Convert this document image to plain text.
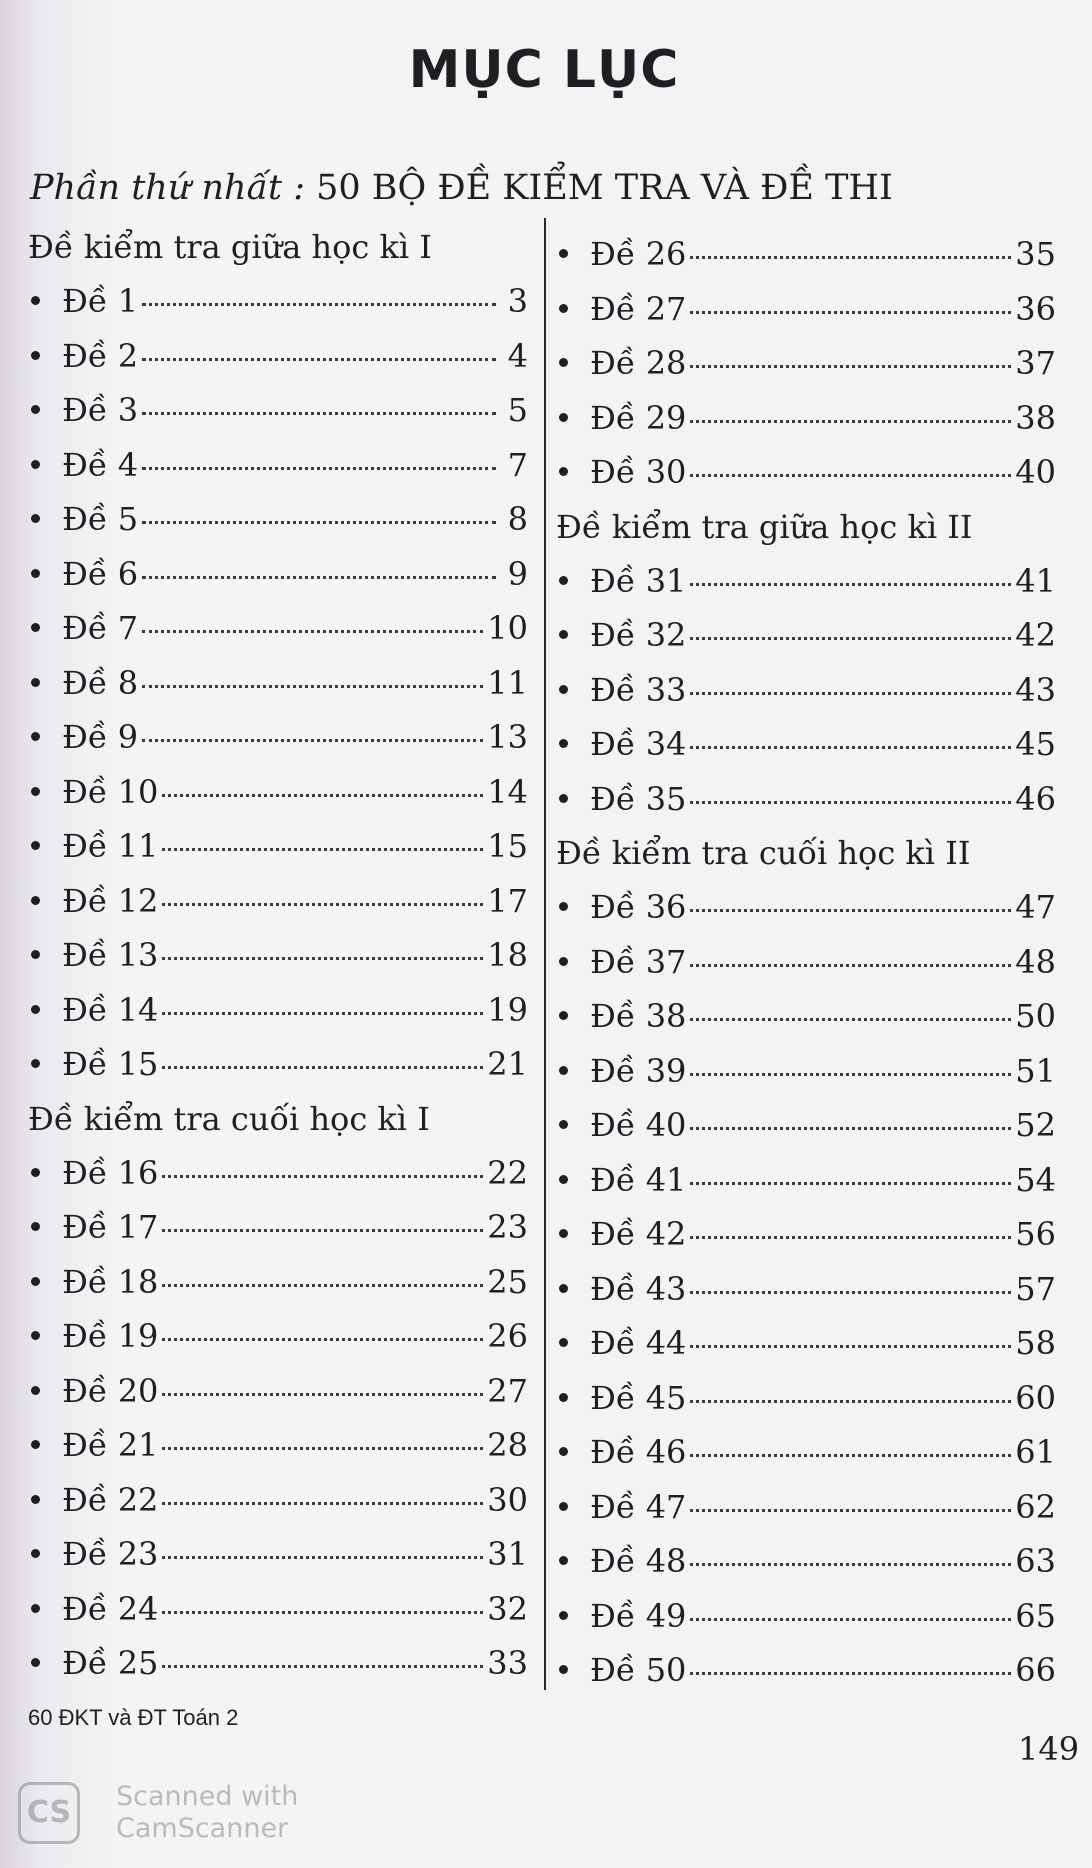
MỤC LỤC
Phần thứ nhất : 50 BỘ ĐỀ KIỂM TRA VÀ ĐỀ THI
Đề kiểm tra giữa học kì I
Đề 1	3
Đề 2	4
Đề 3	5
Đề 4	7
Đề 5	8
Đề 6	9
Đề 7	10
Đề 8	11
Đề 9	13
Đề 10	14
Đề 11	15
Đề 12	17
Đề 13	18
Đề 14	19
Đề 15	21
Đề kiểm tra cuối học kì I
Đề 16	22
Đề 17	23
Đề 18	25
Đề 19	26
Đề 20	27
Đề 21	28
Đề 22	30
Đề 23	31
Đề 24	32
Đề 25	33
Đề 26	35
Đề 27	36
Đề 28	37
Đề 29	38
Đề 30	40
Đề kiểm tra giữa học kì II
Đề 31	41
Đề 32	42
Đề 33	43
Đề 34	45
Đề 35	46
Đề kiểm tra cuối học kì II
Đề 36	47
Đề 37	48
Đề 38	50
Đề 39	51
Đề 40	52
Đề 41	54
Đề 42	56
Đề 43	57
Đề 44	58
Đề 45	60
Đề 46	61
Đề 47	62
Đề 48	63
Đề 49	65
Đề 50	66
60 ĐKT và ĐT Toán 2
149
CS	Scanned with
CamScanner
